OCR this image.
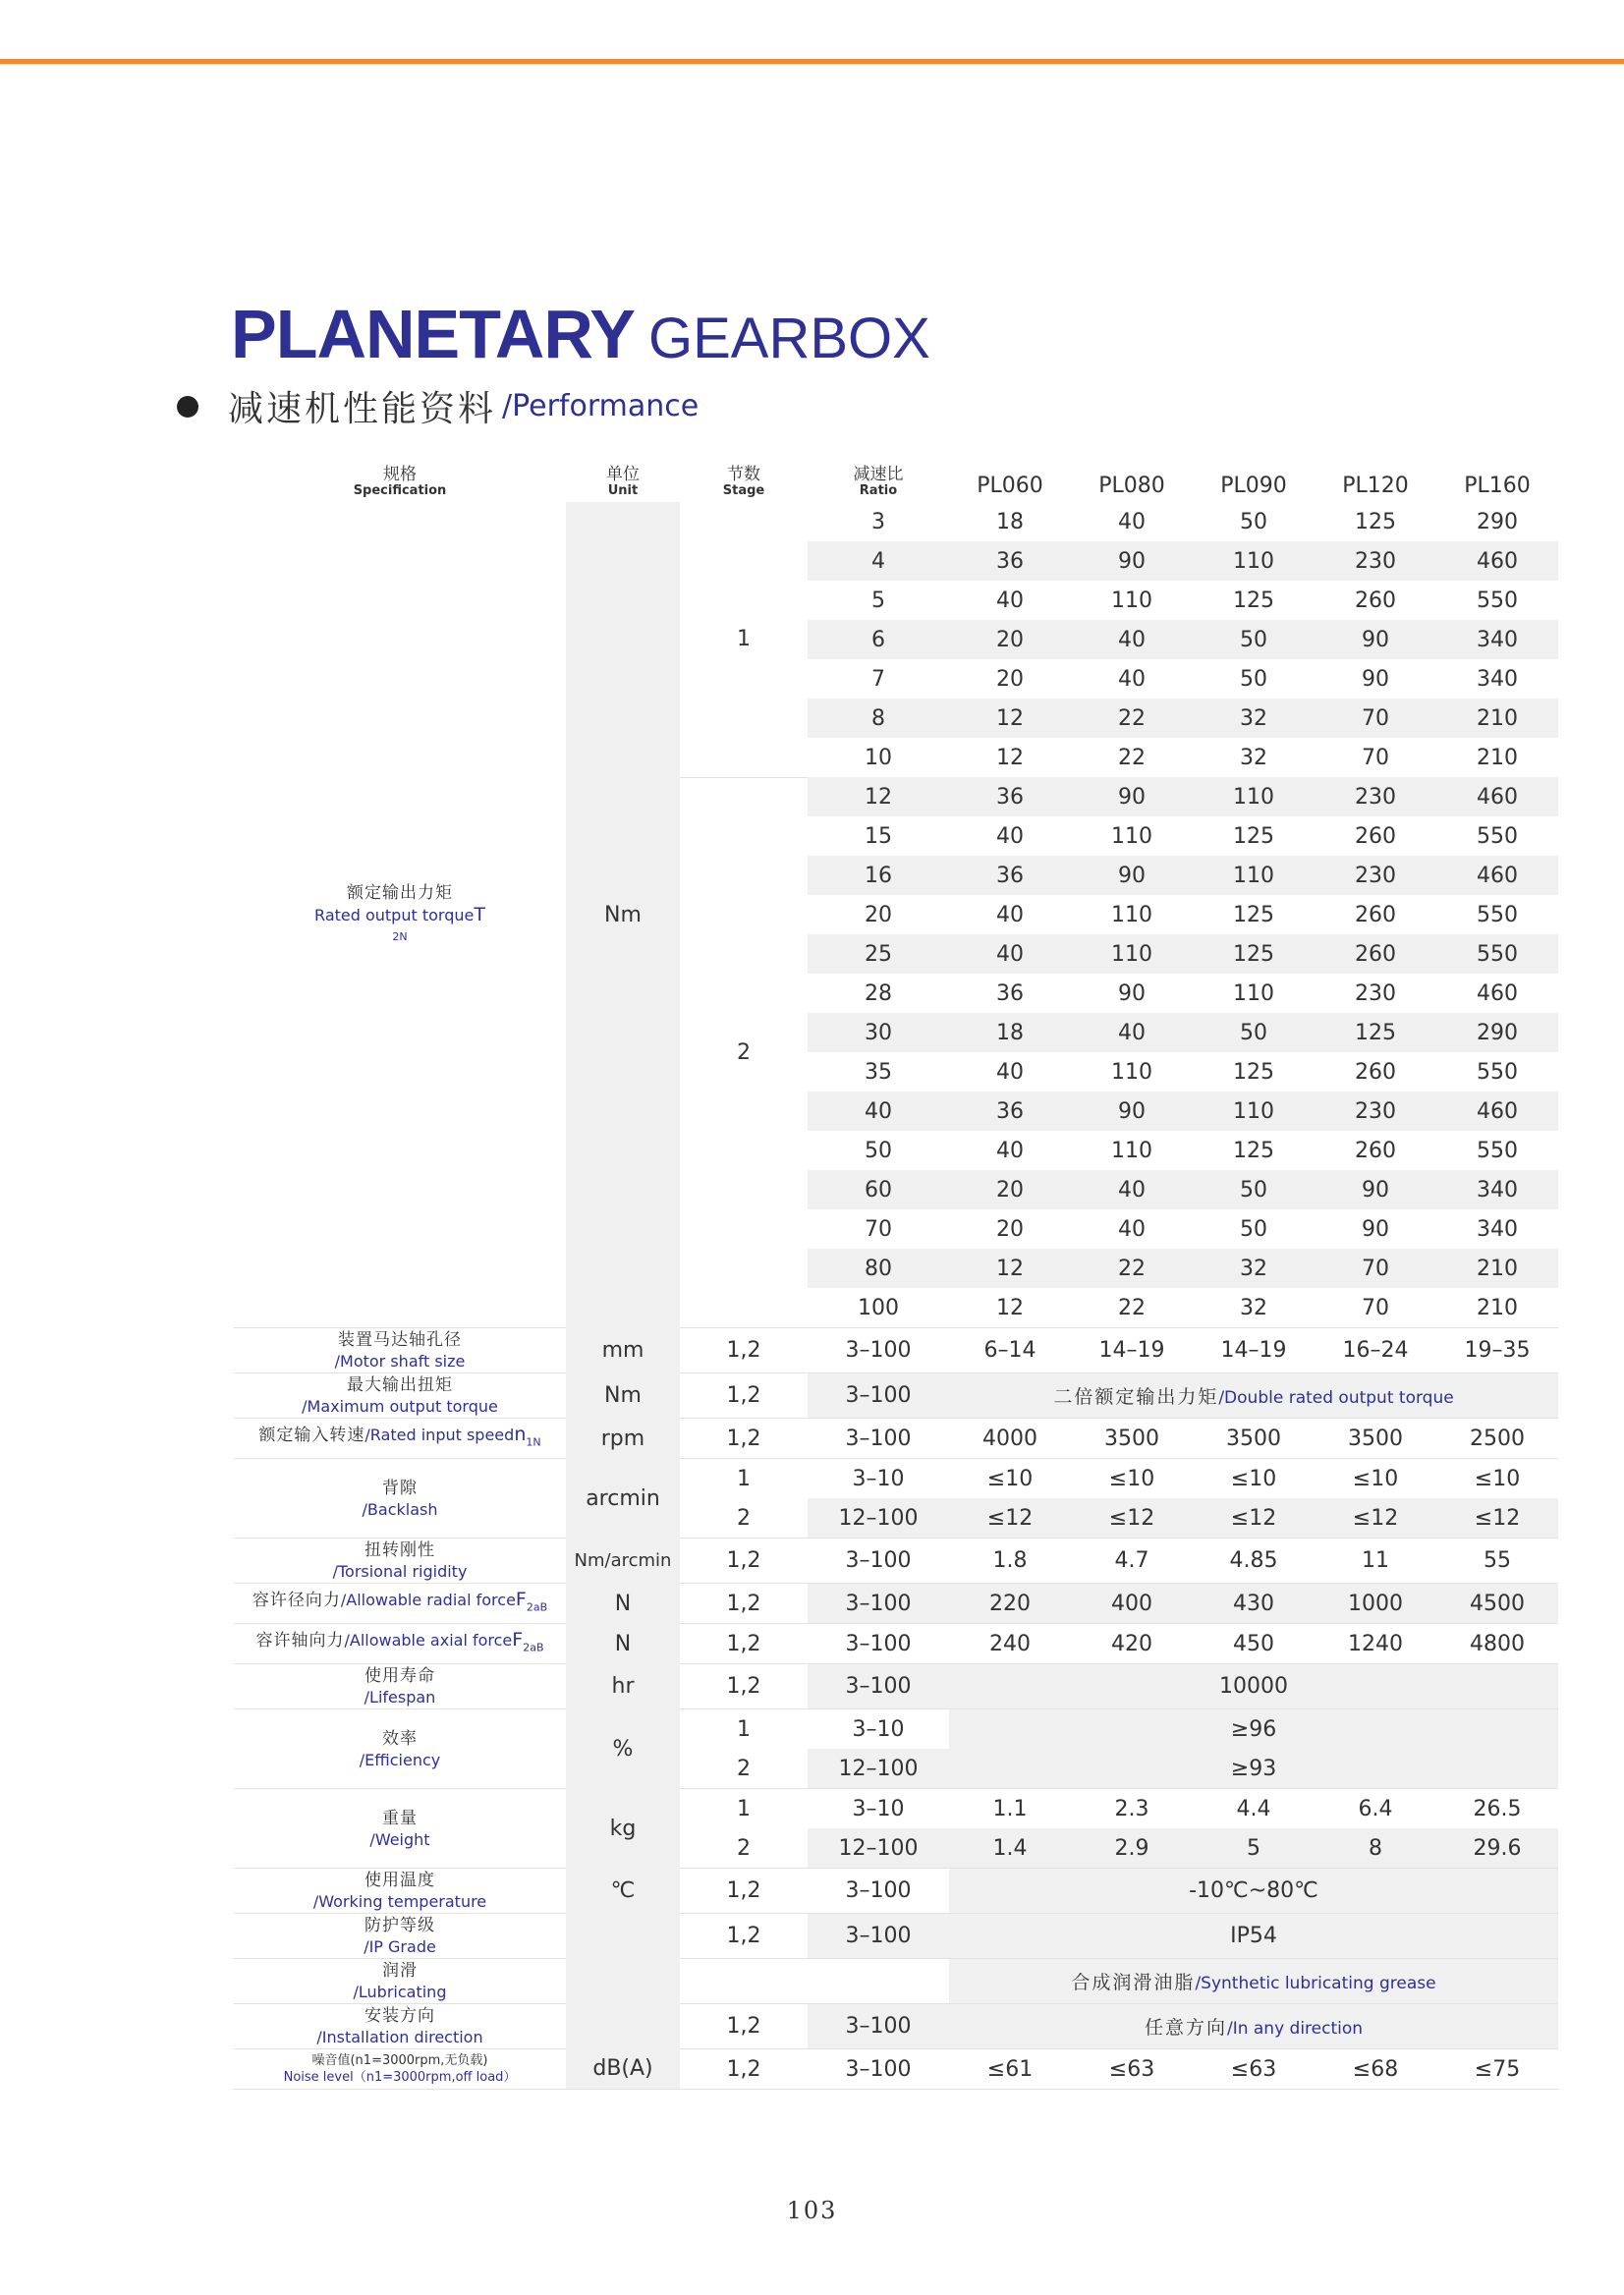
PLANETARY GEARBOX
减速机性能资料 /Performance
规格
Specification	单位
Unit	节数
Stage	减速比
Ratio	PL060	PL080	PL090	PL120	PL160

额定输出力矩
Rated output torqueT
2N	Nm	1	3	18	40	50	125	290
			4	36	90	110	230	460
			5	40	110	125	260	550
			6	20	40	50	90	340
			7	20	40	50	90	340
			8	12	22	32	70	210
			10	12	22	32	70	210
		2	12	36	90	110	230	460
			15	40	110	125	260	550
			16	36	90	110	230	460
			20	40	110	125	260	550
			25	40	110	125	260	550
			28	36	90	110	230	460
			30	18	40	50	125	290
			35	40	110	125	260	550
			40	36	90	110	230	460
			50	40	110	125	260	550
			60	20	40	50	90	340
			70	20	40	50	90	340
			80	12	22	32	70	210
			100	12	22	32	70	210
装置马达轴孔径
/Motor shaft size	mm	1,2	3–100	6–14	14–19	14–19	16–24	19–35
最大输出扭矩
/Maximum output torque	Nm	1,2	3–100	二倍额定输出力矩/Double rated output torque				
额定输入转速/Rated input speedn$_{1N}$	rpm	1,2	3–100	4000	3500	3500	3500	2500
背隙
/Backlash	arcmin	1	3–10	≤10	≤10	≤10	≤10	≤10
		2	12–100	≤12	≤12	≤12	≤12	≤12
扭转刚性
/Torsional rigidity	Nm/arcmin	1,2	3–100	1.8	4.7	4.85	11	55
容许径向力/Allowable radial forceF$_{2aB}$	N	1,2	3–100	220	400	430	1000	4500
容许轴向力/Allowable axial forceF$_{2aB}$	N	1,2	3–100	240	420	450	1240	4800
使用寿命
/Lifespan	hr	1,2	3–100	10000				
效率
/Efficiency	%	1	3–10	≥96				
		2	12–100	≥93				
重量
/Weight	kg	1	3–10	1.1	2.3	4.4	6.4	26.5
		2	12–100	1.4	2.9	5	8	29.6
使用温度
/Working temperature	℃	1,2	3–100	-10℃~80℃				
防护等级
/IP Grade		1,2	3–100	IP54				
润滑
/Lubricating				合成润滑油脂/Synthetic lubricating grease				
安装方向
/Installation direction		1,2	3–100	任意方向/In any direction				

噪音值(n1=3000rpm,无负载)
Noise level（n1=3000rpm,off load）	dB(A)	1,2	3–100	≤61	≤63	≤63	≤68	≤75
103
